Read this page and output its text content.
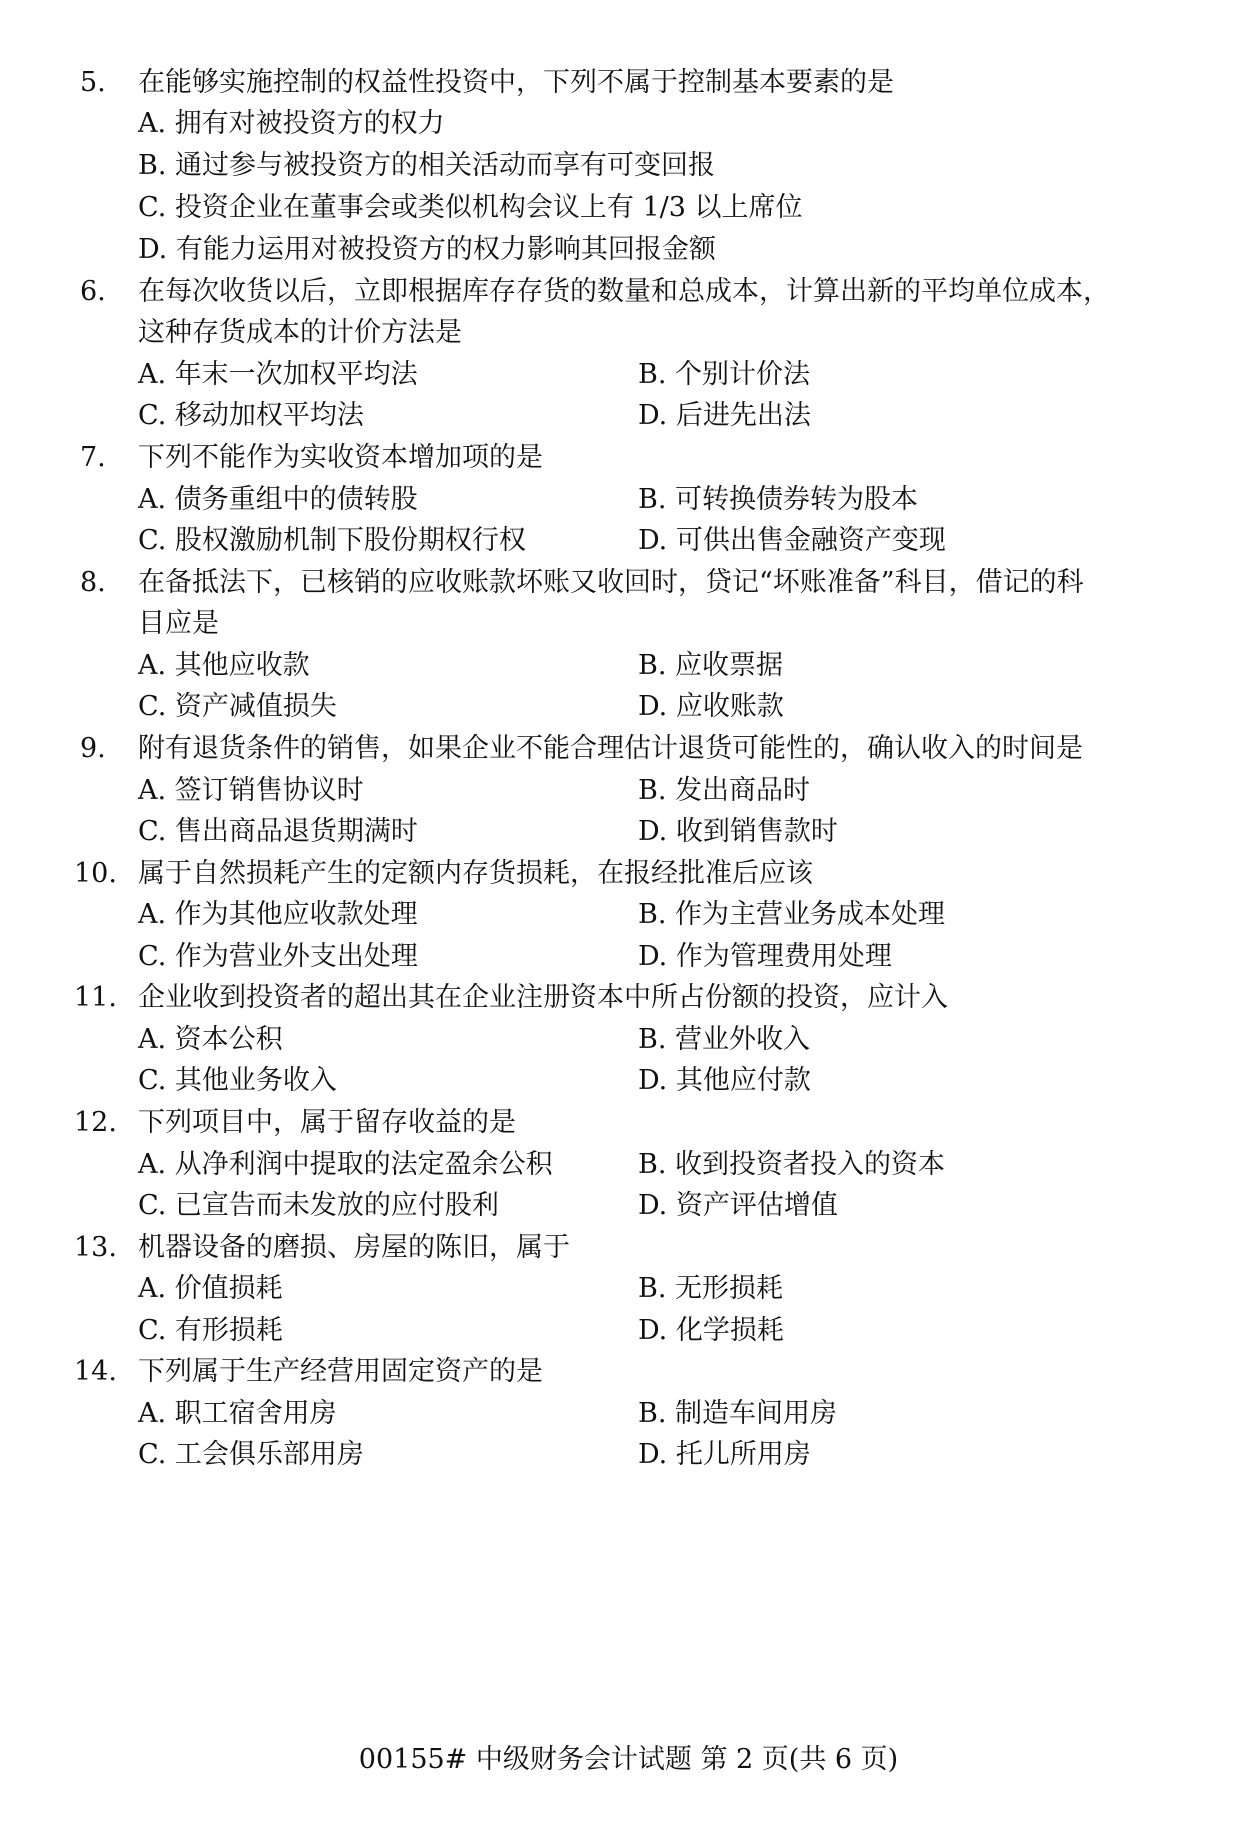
5. 在能够实施控制的权益性投资中，下列不属于控制基本要素的是
A. 拥有对被投资方的权力
B. 通过参与被投资方的相关活动而享有可变回报
C. 投资企业在董事会或类似机构会议上有 1/3 以上席位
D. 有能力运用对被投资方的权力影响其回报金额
6. 在每次收货以后，立即根据库存存货的数量和总成本，计算出新的平均单位成本，
这种存货成本的计价方法是
A. 年末一次加权平均法	B. 个别计价法
C. 移动加权平均法	D. 后进先出法
7. 下列不能作为实收资本增加项的是
A. 债务重组中的债转股	B. 可转换债券转为股本
C. 股权激励机制下股份期权行权	D. 可供出售金融资产变现
8. 在备抵法下，已核销的应收账款坏账又收回时，贷记“坏账准备”科目，借记的科
目应是
A. 其他应收款	B. 应收票据
C. 资产减值损失	D. 应收账款
9. 附有退货条件的销售，如果企业不能合理估计退货可能性的，确认收入的时间是
A. 签订销售协议时	B. 发出商品时
C. 售出商品退货期满时	D. 收到销售款时
10. 属于自然损耗产生的定额内存货损耗，在报经批准后应该
A. 作为其他应收款处理	B. 作为主营业务成本处理
C. 作为营业外支出处理	D. 作为管理费用处理
11. 企业收到投资者的超出其在企业注册资本中所占份额的投资，应计入
A. 资本公积	B. 营业外收入
C. 其他业务收入	D. 其他应付款
12. 下列项目中，属于留存收益的是
A. 从净利润中提取的法定盈余公积	B. 收到投资者投入的资本
C. 已宣告而未发放的应付股利	D. 资产评估增值
13. 机器设备的磨损、房屋的陈旧，属于
A. 价值损耗	B. 无形损耗
C. 有形损耗	D. 化学损耗
14. 下列属于生产经营用固定资产的是
A. 职工宿舍用房	B. 制造车间用房
C. 工会俱乐部用房	D. 托儿所用房
00155# 中级财务会计试题 第 2 页(共 6 页)
